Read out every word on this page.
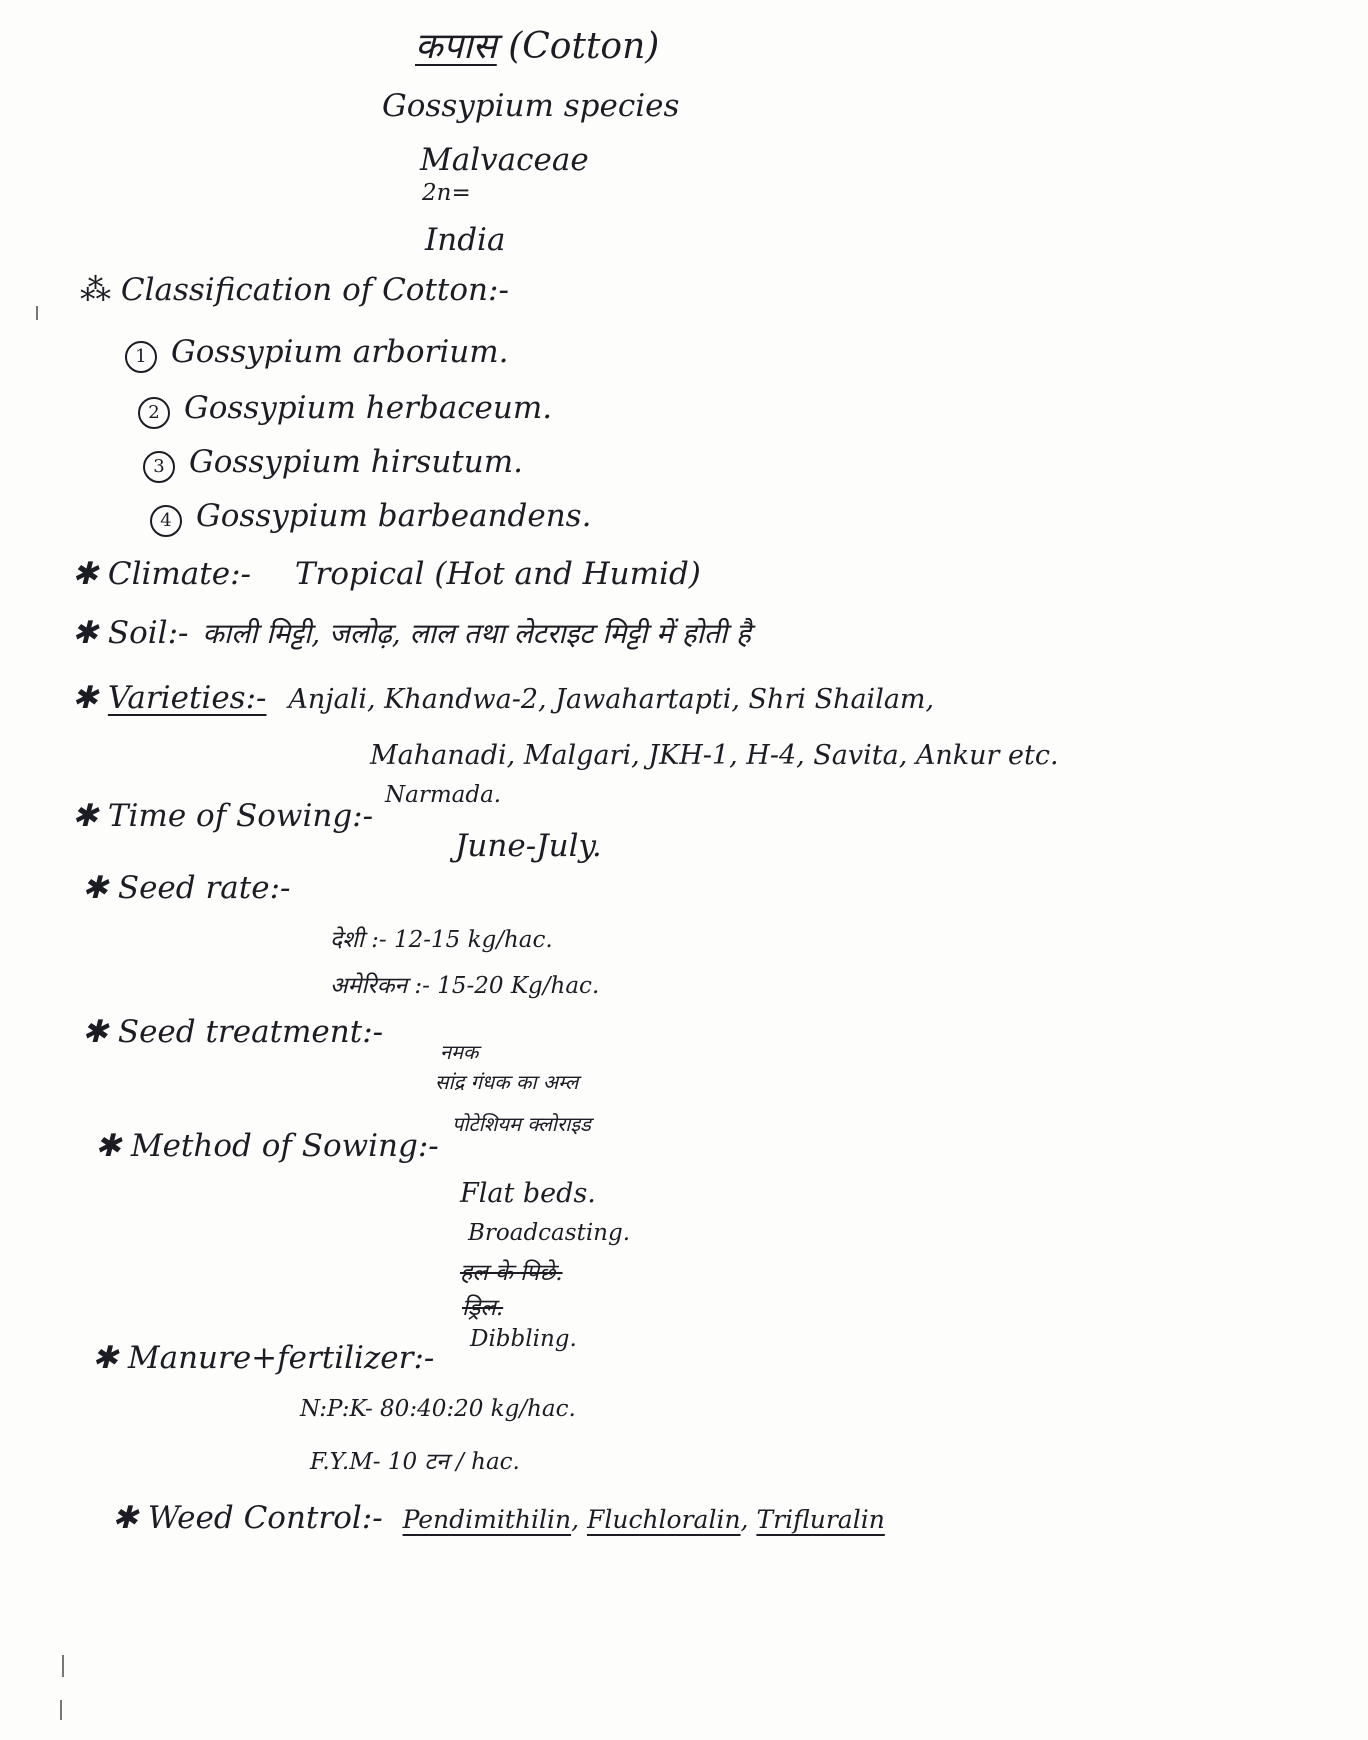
कपास (Cotton)
Gossypium species
Malvaceae
2n=
India
⁂ Classification of Cotton:-
1 Gossypium arborium.
2 Gossypium herbaceum.
3 Gossypium hirsutum.
4 Gossypium barbeandens.
✱ Climate:- Tropical (Hot and Humid)
✱ Soil:- काली मिट्टी, जलोढ़, लाल तथा लेटराइट मिट्टी में होती है
✱ Varieties:- Anjali, Khandwa-2, Jawahartapti, Shri Shailam,
Mahanadi, Malgari, JKH-1, H-4, Savita, Ankur etc.
Narmada.
✱ Time of Sowing:-
June-July.
✱ Seed rate:-
देशी :- 12-15 kg/hac.
अमेरिकन :- 15-20 Kg/hac.
✱ Seed treatment:-
नमक
सांद्र गंधक का अम्ल
पोटेशियम क्लोराइड
✱ Method of Sowing:-
Flat beds.
Broadcasting.
हल के पिछे.
ड्रिल.
Dibbling.
✱ Manure+fertilizer:-
N:P:K- 80:40:20 kg/hac.
F.Y.M- 10 टन / hac.
✱ Weed Control:- Pendimithilin, Fluchloralin, Trifluralin
